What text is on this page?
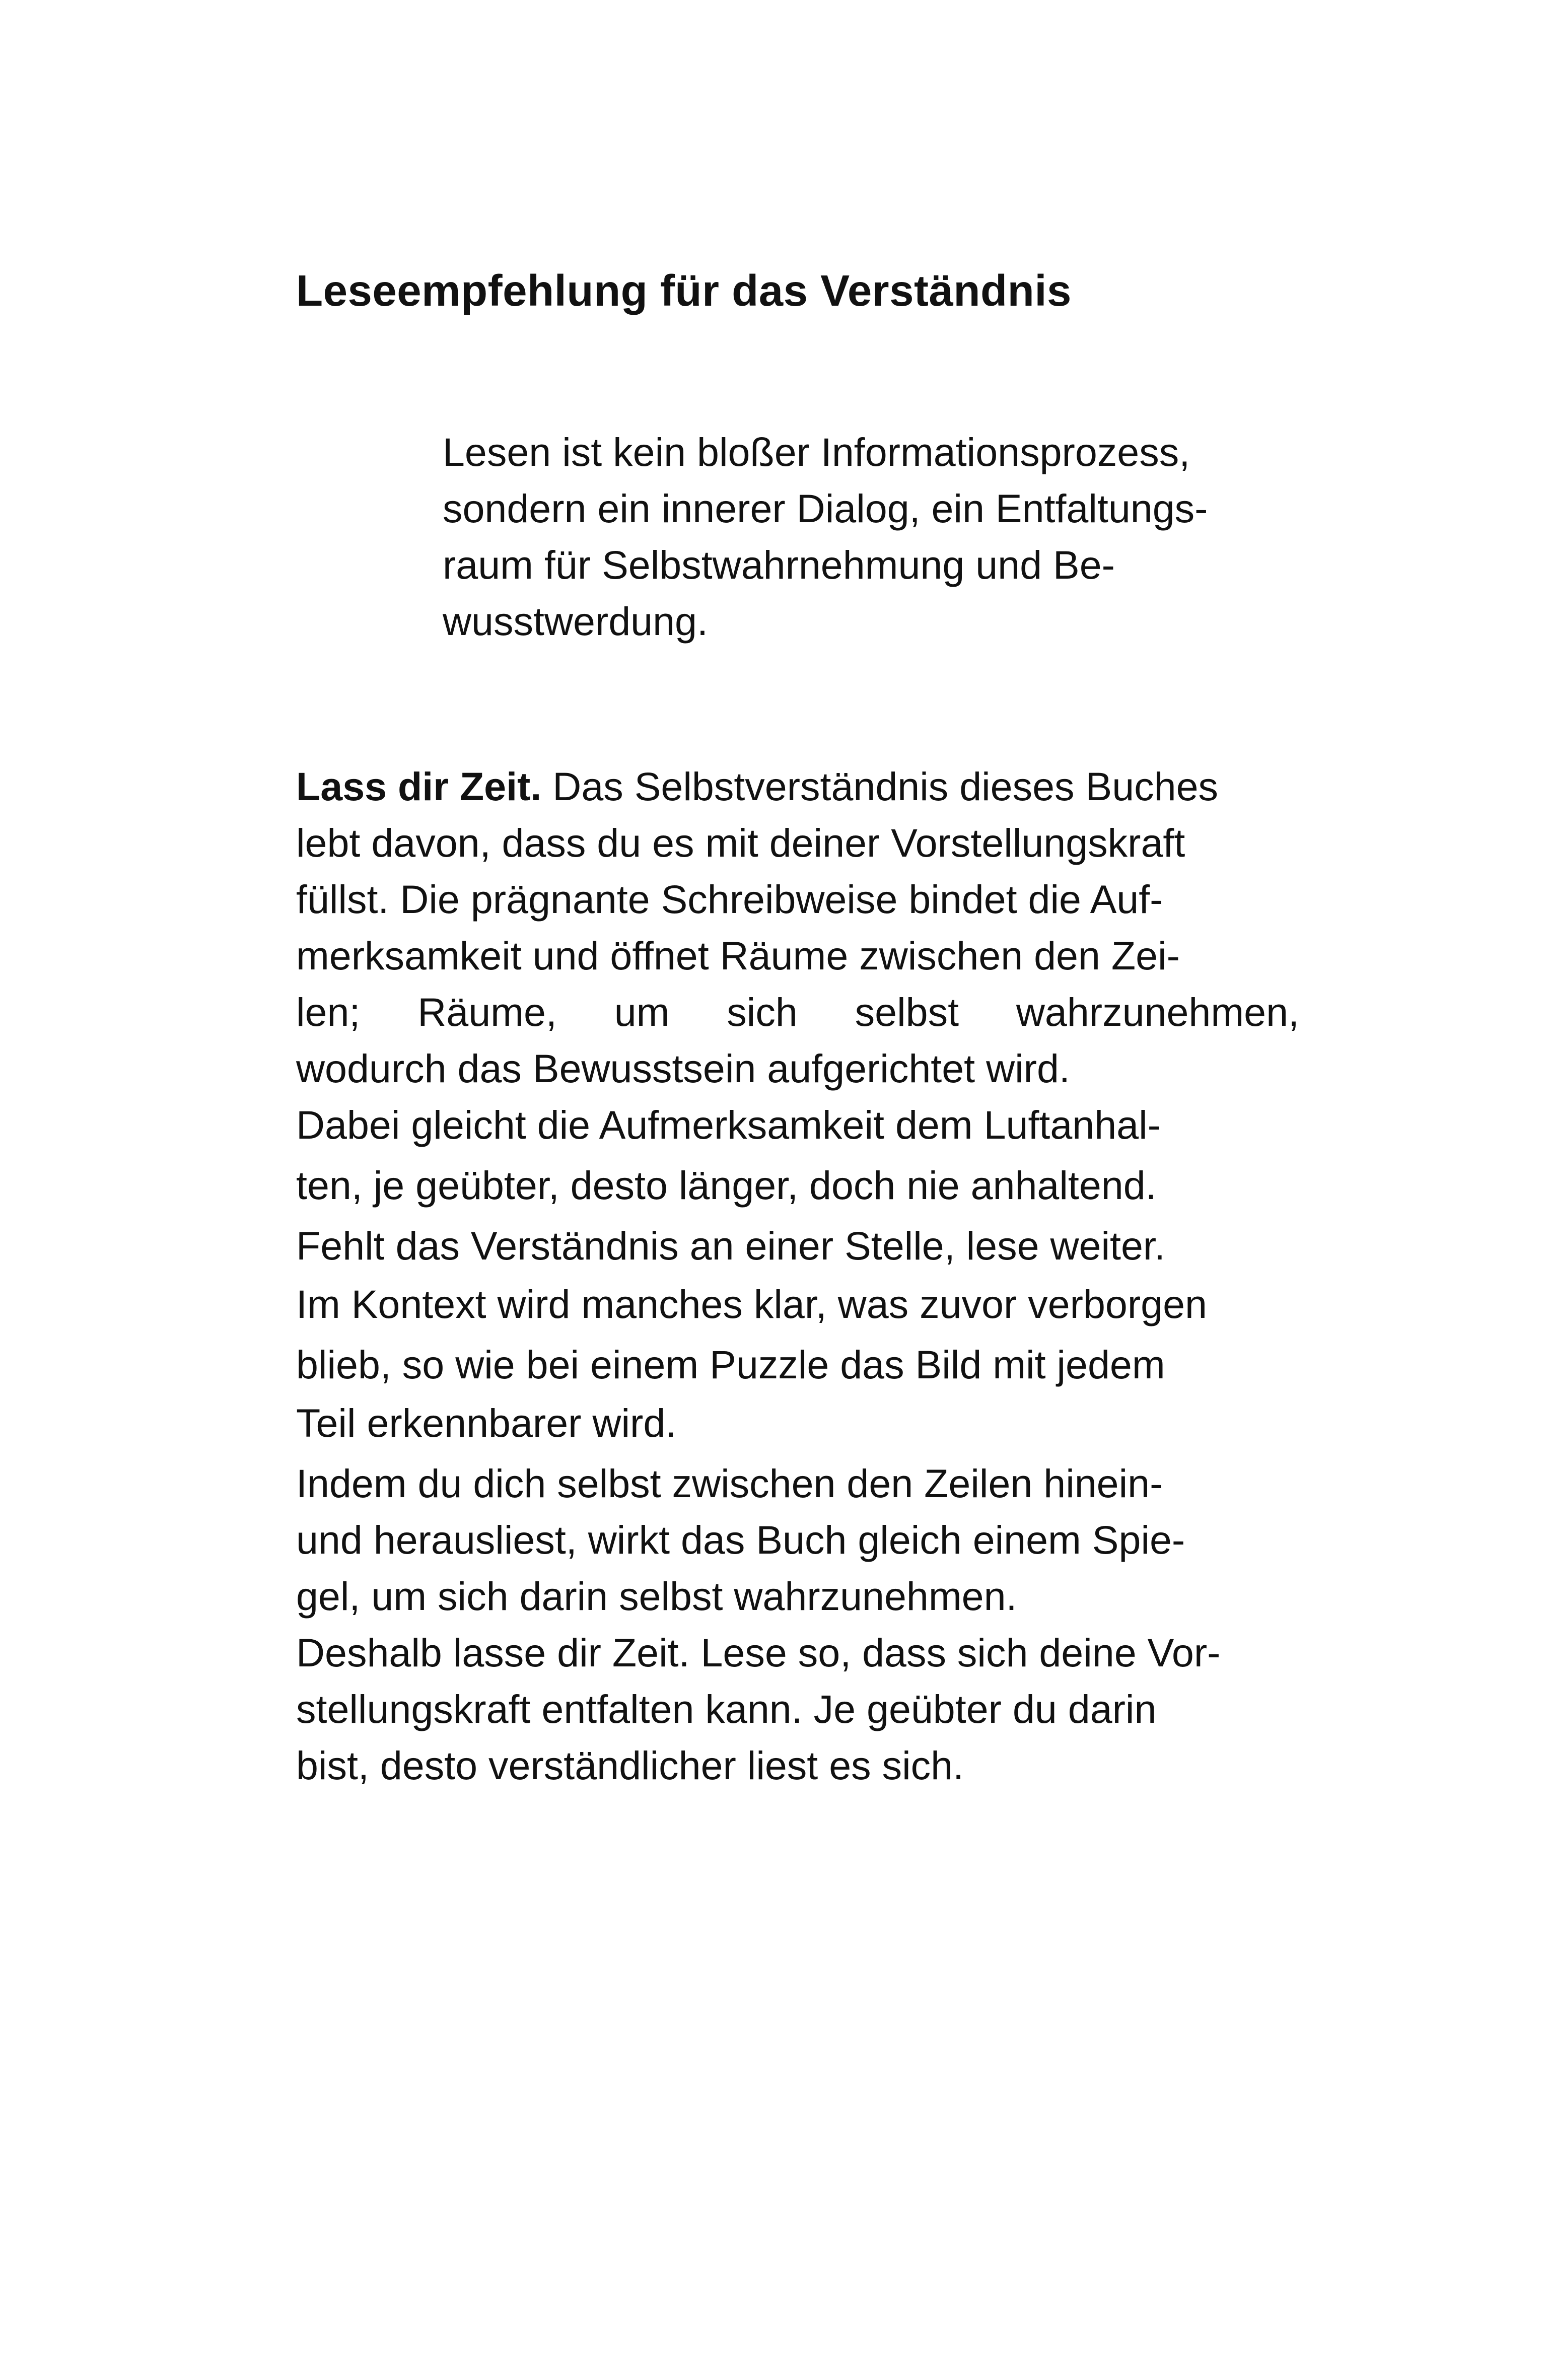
Leseempfehlung für das Verständnis

Lesen ist kein bloßer Informationsprozess,

sondern ein innerer Dialog, ein Entfaltungs-

raum für Selbstwahrnehmung und Be-

wusstwerdung.

Lass dir Zeit. Das Selbstverständnis dieses Buches

lebt davon, dass du es mit deiner Vorstellungskraft

füllst. Die prägnante Schreibweise bindet die Auf-

merksamkeit und öffnet Räume zwischen den Zei-

len; Räume, um sich selbst wahrzunehmen,

wodurch das Bewusstsein aufgerichtet wird.

Dabei gleicht die Aufmerksamkeit dem Luftanhal-

ten, je geübter, desto länger, doch nie anhaltend.

Fehlt das Verständnis an einer Stelle, lese weiter.

Im Kontext wird manches klar, was zuvor verborgen

blieb, so wie bei einem Puzzle das Bild mit jedem

Teil erkennbarer wird.

Indem du dich selbst zwischen den Zeilen hinein-

und herausliest, wirkt das Buch gleich einem Spie-

gel, um sich darin selbst wahrzunehmen.

Deshalb lasse dir Zeit. Lese so, dass sich deine Vor-

stellungskraft entfalten kann. Je geübter du darin

bist, desto verständlicher liest es sich.
